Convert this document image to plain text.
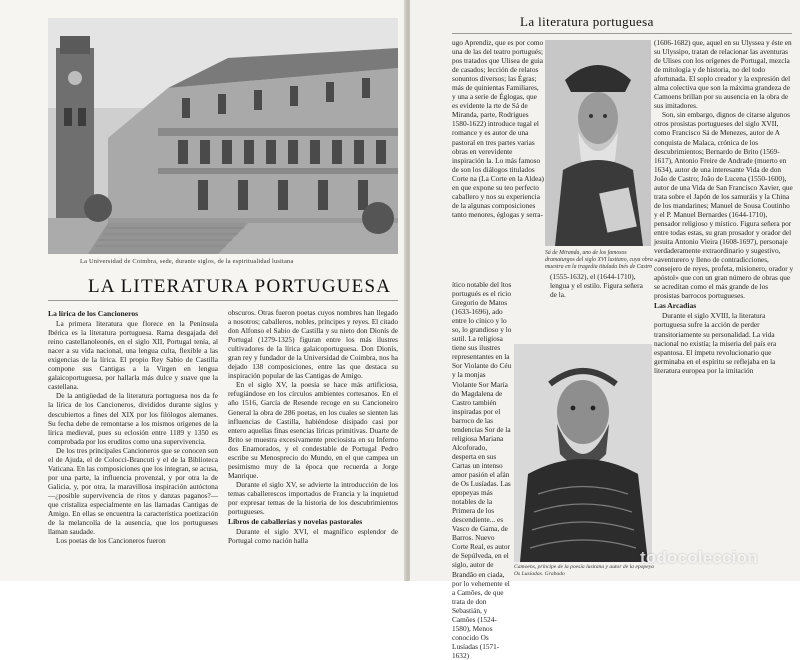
La Universidad de Coimbra, sede, durante siglos, de la espiritualidad lusitana
LA LITERATURA PORTUGUESA
La lírica de los Cancioneros

La primera literatura que florece en la Península Ibérica es la literatura portuguesa. Rama desgajada del reino castellanoleonés, en el siglo XII, Portugal tenía, al nacer a su vida nacional, una lengua culta, flexible a las exigencias de la lírica. El propio Rey Sabio de Castilla compone sus Cantigas a la Virgen en lengua galaicoportuguesa, por hallarla más dulce y suave que la castellana.

De la antigüedad de la literatura portuguesa nos da fe la lírica de los Cancioneros, divididos durante siglos y descubiertos a fines del XIX por los filólogos alemanes. Su fecha debe de remontarse a los mismos orígenes de la lírica medieval, pues su eclosión entre 1189 y 1350 es comprobada por los eruditos como una supervivencia.

De los tres principales Cancioneros que se conocen son el de Ajuda, el de Colocci-Brancuti y el de la Biblioteca Vaticana. En las composiciones que los integran, se acusa, por una parte, la influencia provenzal, y por otra la de Galicia, y, por otra, la maravillosa inspiración autóctona —¿posible supervivencia de ritos y danzas paganos?— que cristaliza especialmente en las llamadas Cantigas de Amigo. En ellas se encuentra la característica poetización de la melancolía de la ausencia, que los portugueses llaman saudade.

Los poetas de los Cancioneros fueron

obscuros. Otras fueron poetas cuyos nombres han llegado a nosotros; caballeros, nobles, príncipes y reyes. El citado don Alfonso el Sabio de Castilla y su nieto don Dionís de Portugal (1279-1325) figuran entre los más ilustres cultivadores de la lírica galaicoportuguesa. Don Dionís, gran rey y fundador de la Universidad de Coimbra, nos ha dejado 138 composiciones, entre las que destaca su inspiración popular de las Cantigas de Amigo.

En el siglo XV, la poesía se hace más artificiosa, refugiándose en los círculos ambientes cortesanos. En el año 1516, García de Resende recoge en su Cancioneiro General la obra de 286 poetas, en los cuales se sienten las influencias de Castilla, habiéndose disipado casi por entero aquellas finas esencias líricas primitivas. Duarte de Brito se muestra excesivamente preciosista en su Inferno dos Enamorados, y el condestable de Portugal Pedro escribe su Menosprecio do Mundo, en el que campea un pesimismo muy de la época que recuerda a Jorge Manrique.

Durante el siglo XV, se advierte la introducción de los temas caballerescos importados de Francia y la inquietud por expresar temas de la historia de los descubrimientos portugueses.

Libros de caballerías y novelas pastorales

Durante el siglo XVI, el magnífico esplendor de Portugal como nación halla

La literatura portuguesa

ugo Aprendiz, que es por como una de las del teatro portugués; pos tratados que Ulisea de guia de casados; lección de relatos sonuntos diversos; las Égras; más de quinientas Familiares, y una a serie de Églogas, que es evidente la rte de Sá de Miranda, parte, Rodrigues 1580-1622) introduce tugal el romance y es autor de una pastoral en tres partes varias obras en verevidente inspiración la. Lo más famoso de son los diálogos titulados Corte na (La Corte en la Aldea) en que expone su teo perfecto caballero y nos su experiencia de la algunas composiciones tanto menores, églogas y serra-

Sá de Miranda, uno de los famosos dramaturgos del siglo XVI lusitano, cuya obra muestra en la tragedia titulada Inés de Castro

(1555-1632), el (1644-1710), lengua y el estilo. Figura señera de la.

ítico notable del ltos portugués es el ricio Gregorio de Matos (1633-1696), ado entre lo cínico y lo so, lo grandioso y lo sutil. La religiosa tiene sus ilustres representantes en la Sor Violante do Céu y la monjas Violante Sor María do Magdalena de Castro también inspiradas por el barroco de las tendencias Sor de la religiosa Mariana Alcoforado, desperta en sus Cartas un intenso amor pasión el afán de Os Lusíadas. Las epopeyas más notables de la Primera de los descendiente... es Vasco de Gama, de Barros. Nuevo Corte Real, es autor de Sepúlveda, en el siglo, autor de Brandão en ciada, por lo vehemente el a Camões, de que trata de don Sebastián, y Camões (1524-1580), Menos conocido Os Lusíadas (1571-1632)

Camoens, príncipe de la poesía lusitana y autor de la epopeya Os Lusíadas. Grabado

(1606-1682) que, aquel en su Ulyssea y éste en su Ulyssipo, tratan de relacionar las aventuras de Ulises con los orígenes de Portugal, mezcla de mitología y de historia, no del todo afortunada. El soplo creador y la expresión del alma colectiva que son la máxima grandeza de Camoens brillan por su ausencia en la obra de sus imitadores.

Son, sin embargo, dignos de citarse algunos otros prosistas portugueses del siglo XVII, como Francisco Sá de Menezes, autor de A conquista de Malaca, crónica de los descubrimientos; Bernardo de Brito (1569-1617), Antonio Freire de Andrade (muerto en 1634), autor de una interesante Vida de don João de Castro; João de Lucena (1550-1600), autor de una Vida de San Francisco Xavier, que trata sobre el Japón de los samuráis y la China de los mandarines; Manuel de Sousa Coutinho y el P. Manuel Bernardes (1644-1710), pensador religioso y místico. Figura señera por entre todas estas, su gran prosador y orador del jesuita Antonio Vieira (1608-1697), personaje verdaderamente extraordinario y sugestivo, «aventurero y lleno de contradicciones, consejero de reyes, profeta, misionero, orador y apóstol» que con un gran número de obras que se acreditan como el más grande de los prosistas barrocos portugueses.

Las Arcadias

Durante el siglo XVIII, la literatura portuguesa sufre la acción de perder transitoriamente su personalidad. La vida nacional no existía; la miseria del país era espantosa. El ímpetu revolucionario que germinaba en el espíritu se reflejaba en la literatura europea por la imitación

todocoleccion
